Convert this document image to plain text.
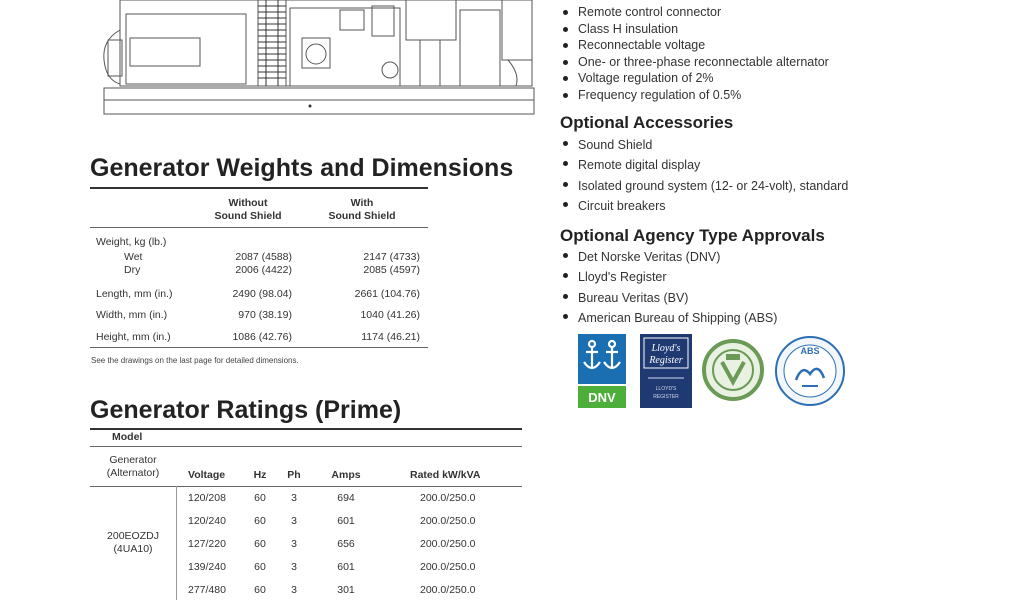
Generator Weights and Dimensions
Without
Sound Shield
With
Sound Shield
Weight, kg (lb.)
Wet	2087 (4588)	2147 (4733)
Dry	2006 (4422)	2085 (4597)
Length, mm (in.)	2490 (98.04)	2661 (104.76)
Width, mm (in.)	970 (38.19)	1040 (41.26)
Height, mm (in.)	1086 (42.76)	1174 (46.21)
See the drawings on the last page for detailed dimensions.
Generator Ratings (Prime)
Model
Generator
(Alternator)	Voltage	Hz	Ph	Amps	Rated kW/kVA
200EOZDJ
(4UA10)
120/208	60	3	694	200.0/250.0
120/240	60	3	601	200.0/250.0
127/220	60	3	656	200.0/250.0
139/240	60	3	601	200.0/250.0
277/480	60	3	301	200.0/250.0
Remote control connector
Class H insulation
Reconnectable voltage
One- or three-phase reconnectable alternator
Voltage regulation of 2%
Frequency regulation of 0.5%
Optional Accessories
Sound Shield
Remote digital display
Isolated ground system (12- or 24-volt), standard
Circuit breakers
Optional Agency Type Approvals
Det Norske Veritas (DNV)
Lloyd's Register
Bureau Veritas (BV)
American Bureau of Shipping (ABS)
DNV
Lloyd's
Register
LLOYD'S
REGISTER
ABS
